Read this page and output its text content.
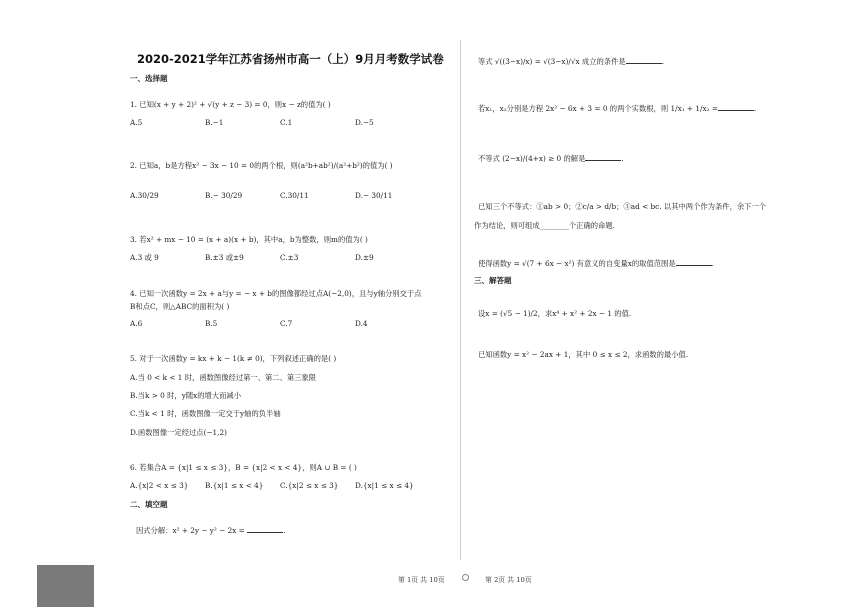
2020-2021学年江苏省扬州市高一（上）9月月考数学试卷
一、选择题
1. 已知(x + y + 2)² + √(y + z − 3) = 0，则x − z的值为( )
A.5	B.−1	C.1	D.−5
2. 已知a，b是方程x² − 3x − 10 = 0的两个根，则(a²b+ab²)/(a²+b²)的值为( )
A.30/29	B.− 30/29	C.30/11	D.− 30/11
3. 若x² + mx − 10 = (x + a)(x + b)，其中a，b为整数，则m的值为( )
A.3 或 9	B.±3 或±9	C.±3	D.±9
4. 已知一次函数y = 2x + a与y = − x + b的图像都经过点A(−2,0)，且与y轴分别交于点
B和点C，则△ABC的面积为( )
A.6	B.5	C.7	D.4
5. 对于一次函数y = kx + k − 1(k ≠ 0)，下列叙述正确的是( )
A.当 0 < k < 1 时，函数图像经过第一、第二、第三象限
B.当k > 0 时，y随x的增大而减小
C.当k < 1 时，函数图像一定交于y轴的负半轴
D.函数图像一定经过点(−1,2)
6. 若集合A = {x|1 ≤ x ≤ 3}，B = {x|2 < x < 4}，则A ∪ B = ( )
A.{x|2 < x ≤ 3} B.{x|1 ≤ x < 4} C.{x|2 ≤ x ≤ 3} D.{x|1 ≤ x ≤ 4}
二、填空题
因式分解：x² + 2y − y² − 2x =	.
第 1页 共 10页
等式 √((3−x)/x) = √(3−x)/√x 成立的条件是	.
若x₁，x₂分别是方程 2x² − 6x + 3 = 0 的两个实数根，则 1/x₁ + 1/x₂ =	.
不等式 (2−x)/(4+x) ≥ 0 的解是	.
已知三个不等式：①ab > 0；②c/a > d/b；③ad < bc. 以其中两个作为条件，余下一个
作为结论，则可组成________个正确的命题.
使得函数y = √(7 + 6x − x²) 有意义的自变量x的取值范围是	.
三、解答题
设x = (√5 − 1)/2，求x⁴ + x² + 2x − 1 的值.
已知函数y = x² − 2ax + 1，其中 0 ≤ x ≤ 2，求函数的最小值.
第 2页 共 10页
